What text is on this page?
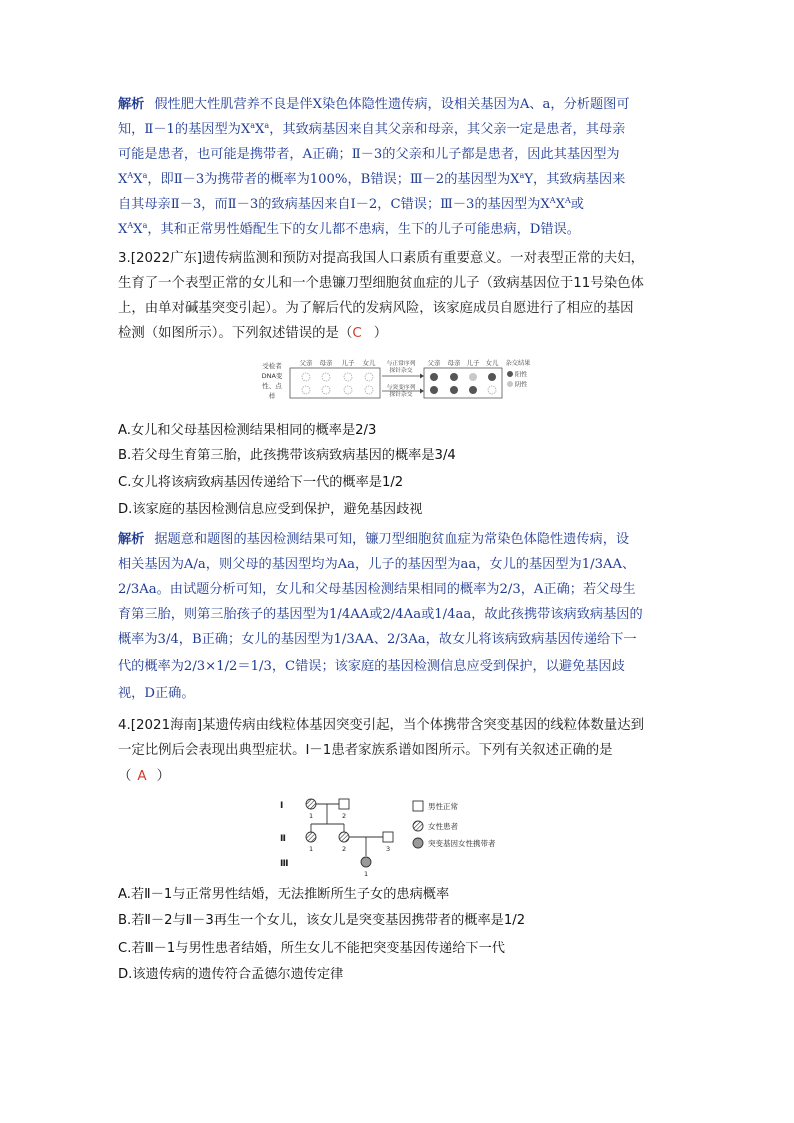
解析 假性肥大性肌营养不良是伴X染色体隐性遗传病，设相关基因为A、a，分析题图可
知，Ⅱ－1的基因型为$X^aX^a$，其致病基因来自其父亲和母亲，其父亲一定是患者，其母亲
可能是患者，也可能是携带者，A正确；Ⅱ－3的父亲和儿子都是患者，因此其基因型为
$X^AX^a$，即Ⅱ－3为携带者的概率为100%，B错误；Ⅲ－2的基因型为$X^aY$，其致病基因来
自其母亲Ⅱ－3，而Ⅱ－3的致病基因来自Ⅰ－2，C错误；Ⅲ－3的基因型为$X^AX^A$或
$X^AX^a$，其和正常男性婚配生下的女儿都不患病，生下的儿子可能患病，D错误。
3.[2022广东]遗传病监测和预防对提高我国人口素质有重要意义。一对表型正常的夫妇，
生育了一个表型正常的女儿和一个患镰刀型细胞贫血症的儿子（致病基因位于11号染色体
上，由单对碱基突变引起）。为了解后代的发病风险，该家庭成员自愿进行了相应的基因
检测（如图所示）。下列叙述错误的是（C ）
受检者
DNA变
性、点
样
父亲 母亲 儿子 女儿 与正常序列
探针杂交
与突变序列
探针杂交
父亲 母亲 儿子 女儿 杂交结果
阳性
阴性
A.女儿和父母基因检测结果相同的概率是2/3
B.若父母生育第三胎，此孩携带该病致病基因的概率是3/4
C.女儿将该病致病基因传递给下一代的概率是1/2
D.该家庭的基因检测信息应受到保护，避免基因歧视
解析 据题意和题图的基因检测结果可知，镰刀型细胞贫血症为常染色体隐性遗传病，设
相关基因为A/a，则父母的基因型均为Aa，儿子的基因型为aa，女儿的基因型为1/3AA、
2/3Aa。由试题分析可知，女儿和父母基因检测结果相同的概率为2/3，A正确；若父母生
育第三胎，则第三胎孩子的基因型为1/4AA或2/4Aa或1/4aa，故此孩携带该病致病基因的
概率为3/4，B正确；女儿的基因型为1/3AA、2/3Aa，故女儿将该病致病基因传递给下一
代的概率为2/3×1/2＝1/3，C错误；该家庭的基因检测信息应受到保护，以避免基因歧
视，D正确。
4.[2021海南]某遗传病由线粒体基因突变引起，当个体携带含突变基因的线粒体数量达到
一定比例后会表现出典型症状。Ⅰ－1患者家族系谱如图所示。下列有关叙述正确的是
（ A ）
Ⅰ
Ⅱ
Ⅲ
1	2
1	2	3
1
男性正常
女性患者
突变基因女性携带者
A.若Ⅱ－1与正常男性结婚，无法推断所生子女的患病概率
B.若Ⅱ－2与Ⅱ－3再生一个女儿，该女儿是突变基因携带者的概率是1/2
C.若Ⅲ－1与男性患者结婚，所生女儿不能把突变基因传递给下一代
D.该遗传病的遗传符合孟德尔遗传定律
